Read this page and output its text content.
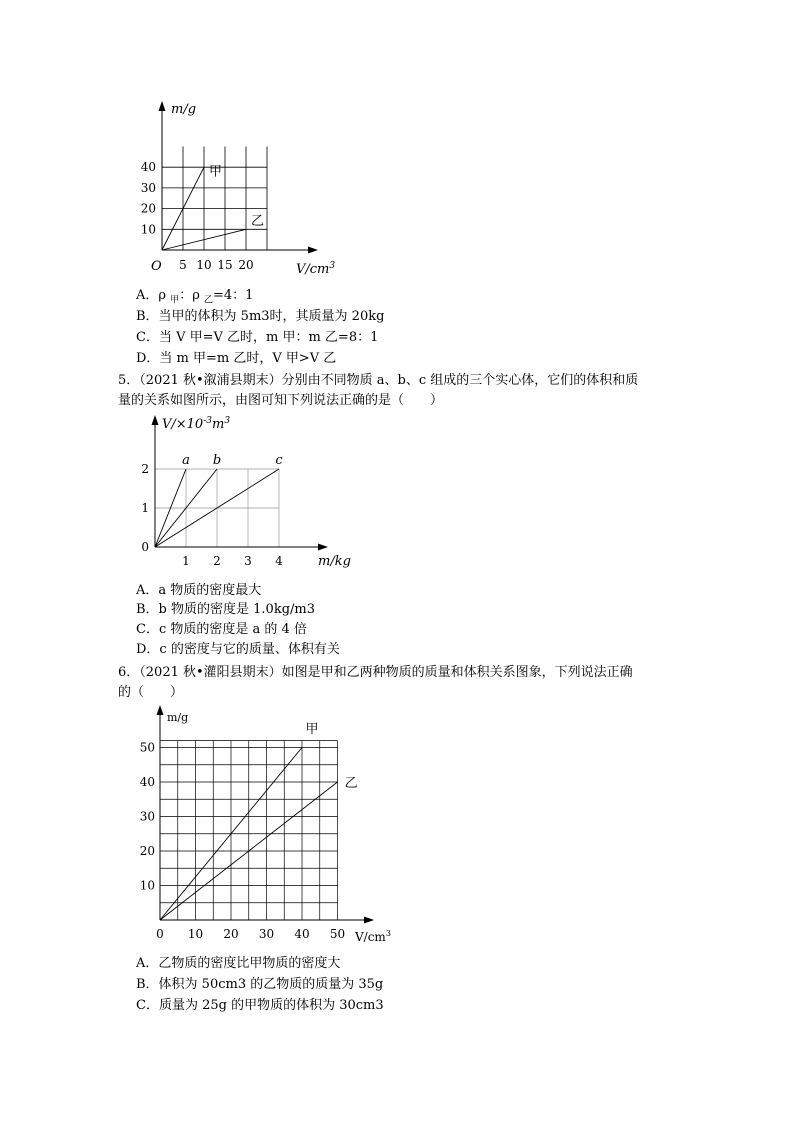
甲
乙
5 10 15 20
10
20
30
40
O
m/g
$V/cm^3$
a b	c
1 2 3 4
0
1
2
m/kg
$V/\times 10^{-3}m^3$
甲
乙
0 10 20 30 40 50
10
20
30
40
50
m/g
$V/cm^3$
A．ρ $_甲$：ρ $_乙$=4：1
B．当甲的体积为 5m3时，其质量为 20kg
C．当 V 甲=V 乙时，m 甲：m 乙=8：1
D．当 m 甲=m 乙时，V 甲>V 乙
5．（2021 秋•溆浦县期末）分别由不同物质 a、b、c 组成的三个实心体，它们的体积和质
量的关系如图所示，由图可知下列说法正确的是（　　）
A．a 物质的密度最大
B．b 物质的密度是 1.0kg/m3
C．c 物质的密度是 a 的 4 倍
D．c 的密度与它的质量、体积有关
6．（2021 秋•灌阳县期末）如图是甲和乙两种物质的质量和体积关系图象，下列说法正确
的（　　）
A．乙物质的密度比甲物质的密度大
B．体积为 50cm3 的乙物质的质量为 35g
C．质量为 25g 的甲物质的体积为 30cm3
